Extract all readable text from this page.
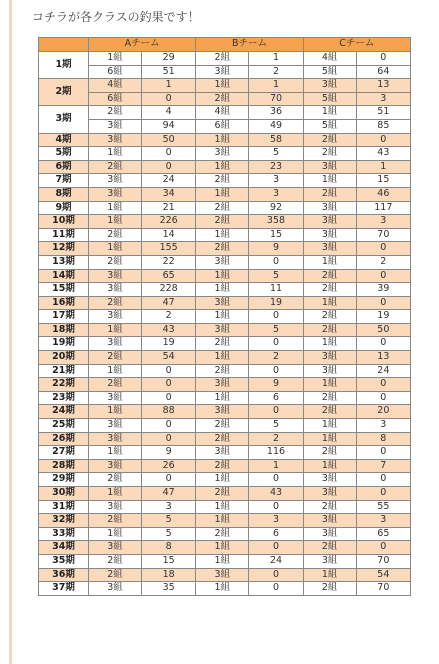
コチラが各クラスの釣果です！
	Aチーム		Bチーム		Cチーム	
1期	1組	29	2組	1	4組	0
	6組	51	3組	2	5組	64
2期	4組	1	1組	1	3組	13
	6組	0	2組	70	5組	3
3期	2組	4	4組	36	1組	51
	3組	94	6組	49	5組	85
4期	3組	50	1組	58	2組	0
5期	1組	0	3組	5	2組	43
6期	2組	0	1組	23	3組	1
7期	3組	24	2組	3	1組	15
8期	3組	34	1組	3	2組	46
9期	1組	21	2組	92	3組	117
10期	1組	226	2組	358	3組	3
11期	2組	14	1組	15	3組	70
12期	1組	155	2組	9	3組	0
13期	2組	22	3組	0	1組	2
14期	3組	65	1組	5	2組	0
15期	3組	228	1組	11	2組	39
16期	2組	47	3組	19	1組	0
17期	3組	2	1組	0	2組	19
18期	1組	43	3組	5	2組	50
19期	3組	19	2組	0	1組	0
20期	2組	54	1組	2	3組	13
21期	1組	0	2組	0	3組	24
22期	2組	0	3組	9	1組	0
23期	3組	0	1組	6	2組	0
24期	1組	88	3組	0	2組	20
25期	3組	0	2組	5	1組	3
26期	3組	0	2組	2	1組	8
27期	1組	9	3組	116	2組	0
28期	3組	26	2組	1	1組	7
29期	2組	0	1組	0	3組	0
30期	1組	47	2組	43	3組	0
31期	3組	3	1組	0	2組	55
32期	2組	5	1組	3	3組	3
33期	1組	5	2組	6	3組	65
34期	3組	8	1組	0	2組	0
35期	2組	15	1組	24	3組	70
36期	2組	18	3組	0	1組	54
37期	3組	35	1組	0	2組	70
